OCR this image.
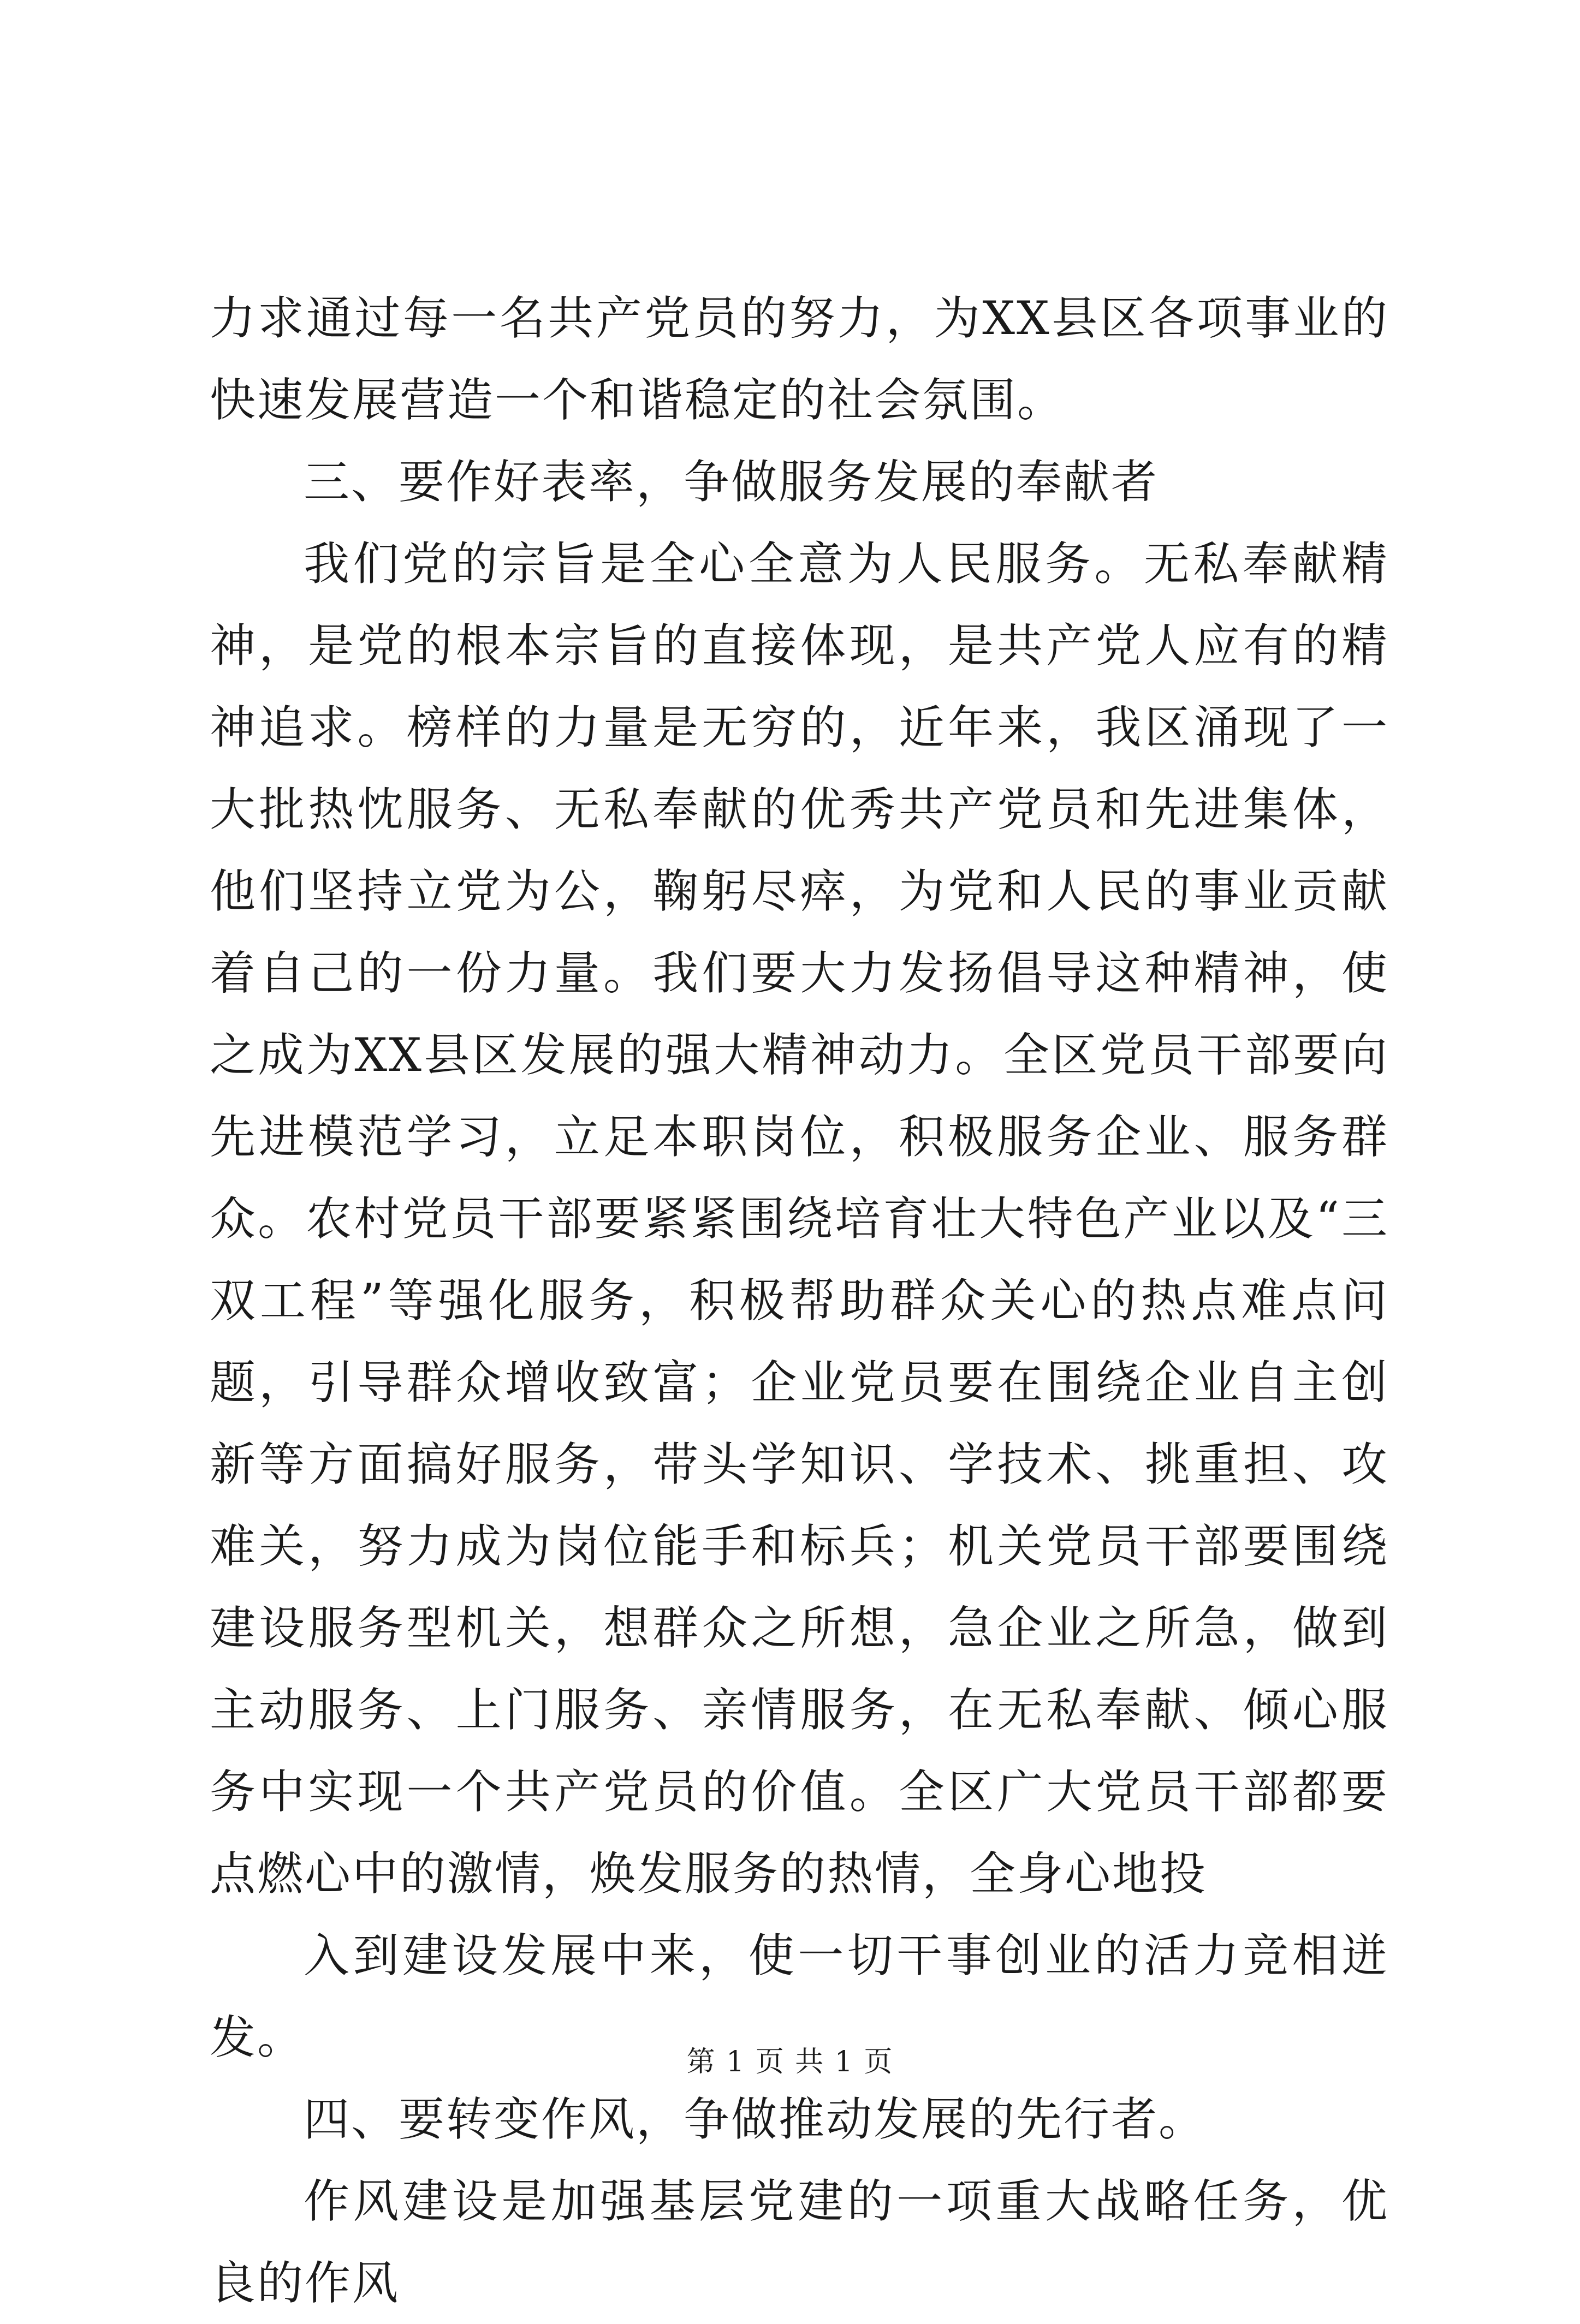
力求通过每一名共产党员的努力，为XX县区各项事业的快速发展营造一个和谐稳定的社会氛围。

三、要作好表率，争做服务发展的奉献者

我们党的宗旨是全心全意为人民服务。无私奉献精神，是党的根本宗旨的直接体现，是共产党人应有的精神追求。榜样的力量是无穷的，近年来，我区涌现了一大批热忱服务、无私奉献的优秀共产党员和先进集体，他们坚持立党为公，鞠躬尽瘁，为党和人民的事业贡献着自己的一份力量。我们要大力发扬倡导这种精神，使之成为XX县区发展的强大精神动力。全区党员干部要向先进模范学习，立足本职岗位，积极服务企业、服务群众。农村党员干部要紧紧围绕培育壮大特色产业以及“三双工程”等强化服务，积极帮助群众关心的热点难点问题，引导群众增收致富；企业党员要在围绕企业自主创新等方面搞好服务，带头学知识、学技术、挑重担、攻难关，努力成为岗位能手和标兵；机关党员干部要围绕建设服务型机关，想群众之所想，急企业之所急，做到主动服务、上门服务、亲情服务，在无私奉献、倾心服务中实现一个共产党员的价值。全区广大党员干部都要点燃心中的激情，焕发服务的热情，全身心地投

入到建设发展中来，使一切干事创业的活力竞相迸发。

四、要转变作风，争做推动发展的先行者。

作风建设是加强基层党建的一项重大战略任务，优良的作风

第 1 页 共 1 页
